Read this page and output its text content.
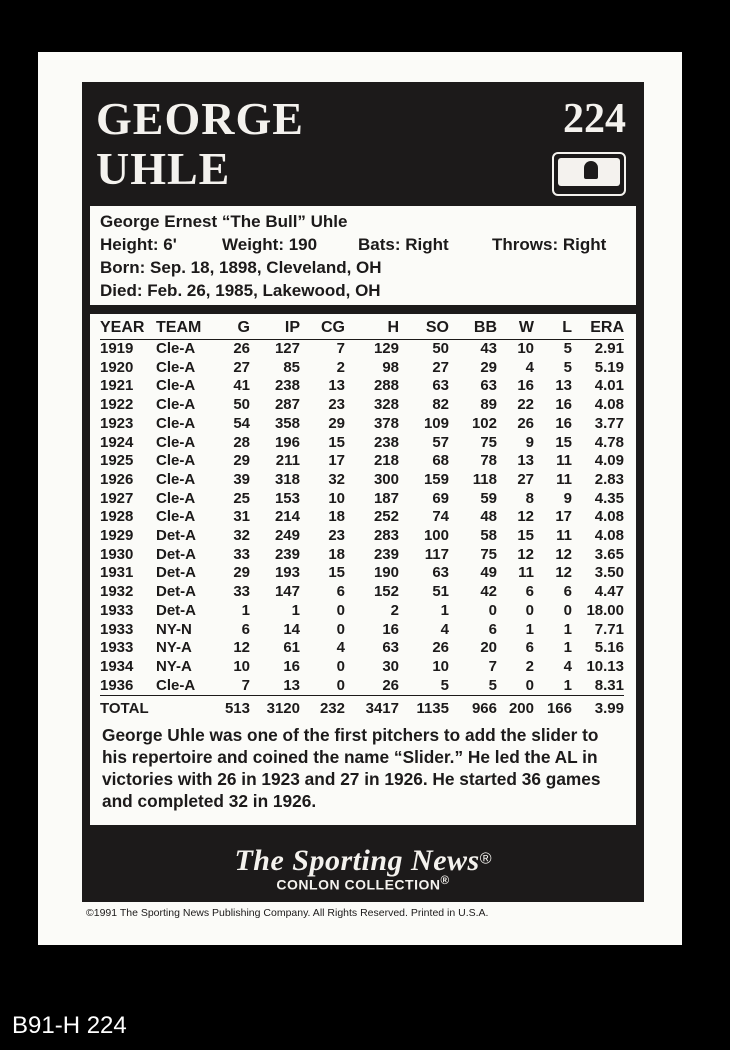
GEORGE
UHLE
224
George Ernest “The Bull” Uhle
Height: 6'	Weight: 190 Bats: Right	Throws: Right
Born: Sep. 18, 1898, Cleveland, OH
Died: Feb. 26, 1985, Lakewood, OH
YEAR	TEAM	G	IP	CG	H	SO	BB	W	L	ERA
1919	Cle-A	26	127	7	129	50	43	10	5	2.91
1920	Cle-A	27	85	2	98	27	29	4	5	5.19
1921	Cle-A	41	238	13	288	63	63	16	13	4.01
1922	Cle-A	50	287	23	328	82	89	22	16	4.08
1923	Cle-A	54	358	29	378	109	102	26	16	3.77
1924	Cle-A	28	196	15	238	57	75	9	15	4.78
1925	Cle-A	29	211	17	218	68	78	13	11	4.09
1926	Cle-A	39	318	32	300	159	118	27	11	2.83
1927	Cle-A	25	153	10	187	69	59	8	9	4.35
1928	Cle-A	31	214	18	252	74	48	12	17	4.08
1929	Det-A	32	249	23	283	100	58	15	11	4.08
1930	Det-A	33	239	18	239	117	75	12	12	3.65
1931	Det-A	29	193	15	190	63	49	11	12	3.50
1932	Det-A	33	147	6	152	51	42	6	6	4.47
1933	Det-A	1	1	0	2	1	0	0	0	18.00
1933	NY-N	6	14	0	16	4	6	1	1	7.71
1933	NY-A	12	61	4	63	26	20	6	1	5.16
1934	NY-A	10	16	0	30	10	7	2	4	10.13
1936	Cle-A	7	13	0	26	5	5	0	1	8.31
TOTAL		513	3120	232	3417	1135	966	200	166	3.99
George Uhle was one of the first pitchers to add the slider to his repertoire and coined the name “Slider.” He led the AL in victories with 26 in 1923 and 27 in 1926. He started 36 games and completed 32 in 1926.
The Sporting News®
CONLON COLLECTION®
©1991 The Sporting News Publishing Company. All Rights Reserved. Printed in U.S.A.
B91-H 224
